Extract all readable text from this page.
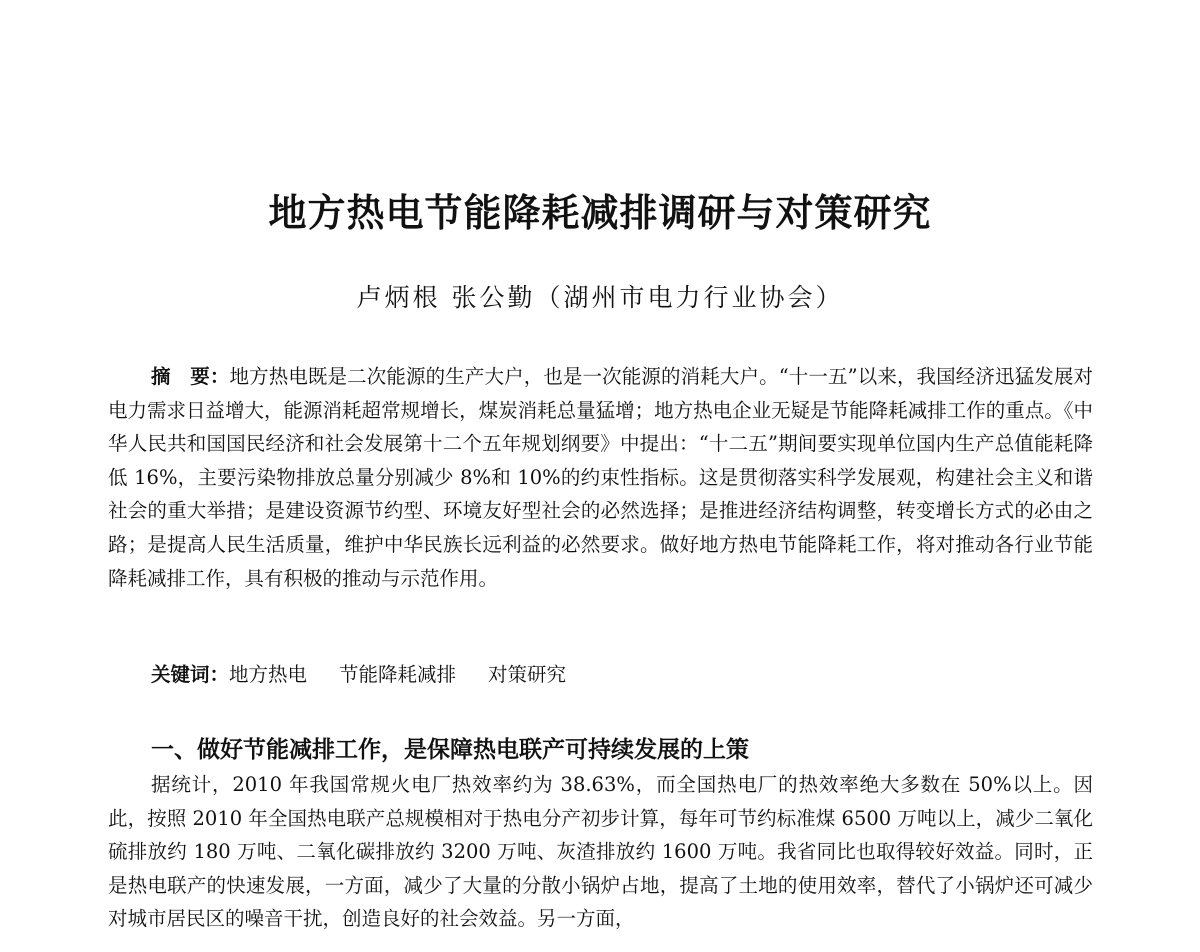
地方热电节能降耗减排调研与对策研究
卢炳根 张公勤（湖州市电力行业协会）

摘　要：地方热电既是二次能源的生产大户，也是一次能源的消耗大户。“十一五”以来，我国经济迅猛发展对电力需求日益增大，能源消耗超常规增长，煤炭消耗总量猛增；地方热电企业无疑是节能降耗减排工作的重点。《中华人民共和国国民经济和社会发展第十二个五年规划纲要》中提出：“十二五”期间要实现单位国内生产总值能耗降低 16%，主要污染物排放总量分别减少 8%和 10%的约束性指标。这是贯彻落实科学发展观，构建社会主义和谐社会的重大举措；是建设资源节约型、环境友好型社会的必然选择；是推进经济结构调整，转变增长方式的必由之路；是提高人民生活质量，维护中华民族长远利益的必然要求。做好地方热电节能降耗工作，将对推动各行业节能降耗减排工作，具有积极的推动与示范作用。

关键词：地方热电 节能降耗减排 对策研究

一、做好节能减排工作，是保障热电联产可持续发展的上策

据统计，2010 年我国常规火电厂热效率约为 38.63%，而全国热电厂的热效率绝大多数在 50%以上。因此，按照 2010 年全国热电联产总规模相对于热电分产初步计算，每年可节约标准煤 6500 万吨以上，减少二氧化硫排放约 180 万吨、二氧化碳排放约 3200 万吨、灰渣排放约 1600 万吨。我省同比也取得较好效益。同时，正是热电联产的快速发展，一方面，减少了大量的分散小锅炉占地，提高了土地的使用效率，替代了小锅炉还可减少对城市居民区的噪音干扰，创造良好的社会效益。另一方面，
